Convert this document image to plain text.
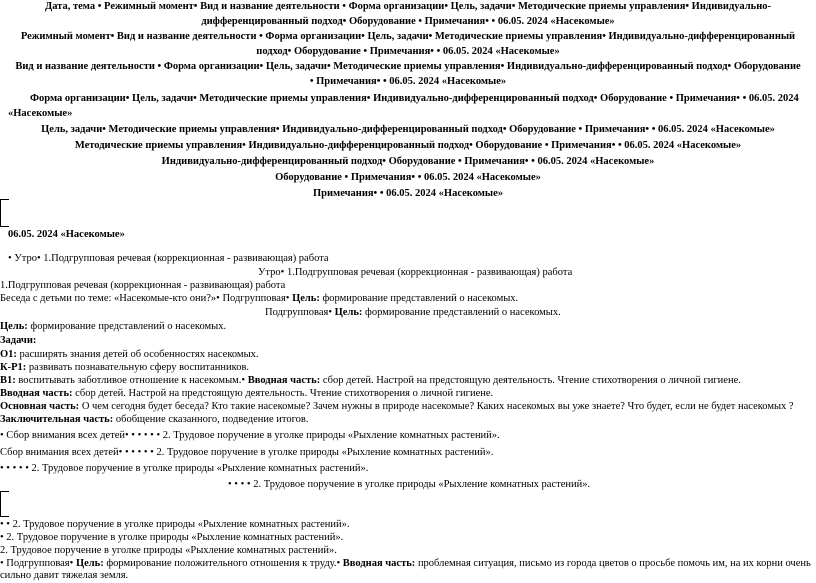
Дата, тема • Режимный момент• Вид и название деятельности • Форма организации• Цель, задачи• Методические приемы управления• Индивидуально-
дифференцированный подход• Оборудование • Примечания• • 06.05. 2024 «Насекомые»
Режимный момент• Вид и название деятельности • Форма организации• Цель, задачи• Методические приемы управления• Индивидуально-дифференцированный
подход• Оборудование • Примечания• • 06.05. 2024 «Насекомые»
Вид и название деятельности • Форма организации• Цель, задачи• Методические приемы управления• Индивидуально-дифференцированный подход• Оборудование
• Примечания• • 06.05. 2024 «Насекомые»
Форма организации• Цель, задачи• Методические приемы управления• Индивидуально-дифференцированный подход• Оборудование • Примечания• • 06.05. 2024
«Насекомые»
Цель, задачи• Методические приемы управления• Индивидуально-дифференцированный подход• Оборудование • Примечания• • 06.05. 2024 «Насекомые»
Методические приемы управления• Индивидуально-дифференцированный подход• Оборудование • Примечания• • 06.05. 2024 «Насекомые»
Индивидуально-дифференцированный подход• Оборудование • Примечания• • 06.05. 2024 «Насекомые»
Оборудование • Примечания• • 06.05. 2024 «Насекомые»
Примечания• • 06.05. 2024 «Насекомые»
06.05. 2024 «Насекомые»
• Утро• 1.Подгрупповая речевая (коррекционная - развивающая) работа
Утро• 1.Подгрупповая речевая (коррекционная - развивающая) работа
1.Подгрупповая речевая (коррекционная - развивающая) работа
Беседа с детьми по теме: «Насекомые-кто они?»• Подгрупповая• Цель: формирование представлений о насекомых.
Подгрупповая• Цель: формирование представлений о насекомых.
Цель: формирование представлений о насекомых.
Задачи:
О1: расширять знания детей об особенностях насекомых.
К-Р1: развивать познавательную сферу воспитанников.
В1: воспитывать заботливое отношение к насекомым.• Вводная часть: сбор детей. Настрой на предстоящую деятельность. Чтение стихотворения о личной гигиене.
Вводная часть: сбор детей. Настрой на предстоящую деятельность. Чтение стихотворения о личной гигиене.
Основная часть: О чем сегодня будет беседа? Кто такие насекомые? Зачем нужны в природе насекомые? Каких насекомых вы уже знаете? Что будет, если не будет насекомых ?
Заключительная часть: обобщение сказанного, подведение итогов.
• Сбор внимания всех детей• • • • • • 2. Трудовое поручение в уголке природы «Рыхление комнатных растений».
Сбор внимания всех детей• • • • • • 2. Трудовое поручение в уголке природы «Рыхление комнатных растений».
• • • • • 2. Трудовое поручение в уголке природы «Рыхление комнатных растений».
• • • • 2. Трудовое поручение в уголке природы «Рыхление комнатных растений».
• • 2. Трудовое поручение в уголке природы «Рыхление комнатных растений».
• 2. Трудовое поручение в уголке природы «Рыхление комнатных растений».
2. Трудовое поручение в уголке природы «Рыхление комнатных растений».
• Подгрупповая• Цель: формирование положительного отношения к труду.• Вводная часть: проблемная ситуация, письмо из города цветов о просьбе помочь им, на их корни очень
сильно давит тяжелая земля.
